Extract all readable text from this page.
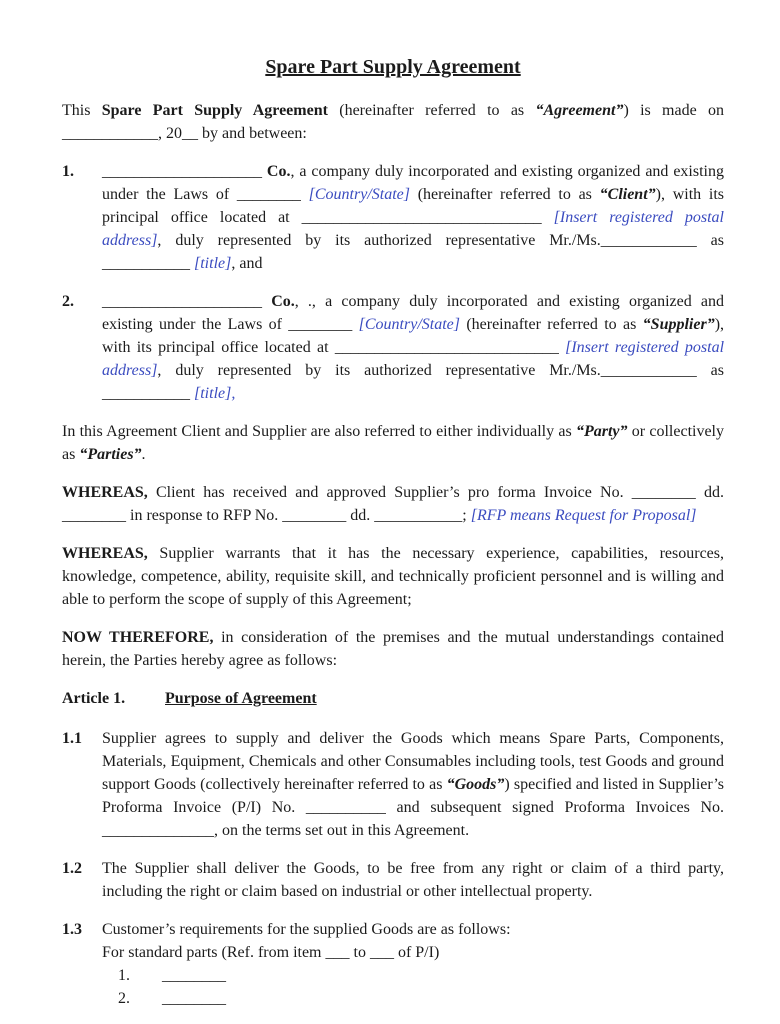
Spare Part Supply Agreement

This Spare Part Supply Agreement (hereinafter referred to as “Agreement”) is made on ____________, 20__ by and between:

1.	____________________ Co., a company duly incorporated and existing organized and existing under the Laws of ________ [Country/State] (hereinafter referred to as “Client”), with its principal office located at ______________________________ [Insert registered postal address], duly represented by its authorized representative Mr./Ms.____________ as ___________ [title], and

2.	____________________ Co., ., a company duly incorporated and existing organized and existing under the Laws of ________ [Country/State] (hereinafter referred to as “Supplier”), with its principal office located at ____________________________ [Insert registered postal address], duly represented by its authorized representative Mr./Ms.____________ as ___________ [title],

In this Agreement Client and Supplier are also referred to either individually as “Party” or collectively as “Parties”.

WHEREAS, Client has received and approved Supplier’s pro forma Invoice No. ________ dd. ________ in response to RFP No. ________ dd. ___________; [RFP means Request for Proposal]

WHEREAS, Supplier warrants that it has the necessary experience, capabilities, resources, knowledge, competence, ability, requisite skill, and technically proficient personnel and is willing and able to perform the scope of supply of this Agreement;

NOW THEREFORE, in consideration of the premises and the mutual understandings contained herein, the Parties hereby agree as follows:

Article 1.	Purpose of Agreement
1.1	Supplier agrees to supply and deliver the Goods which means Spare Parts, Components, Materials, Equipment, Chemicals and other Consumables including tools, test Goods and ground support Goods (collectively hereinafter referred to as “Goods”) specified and listed in Supplier’s Proforma Invoice (P/I) No. __________ and subsequent signed Proforma Invoices No. ______________, on the terms set out in this Agreement.

1.2	The Supplier shall deliver the Goods, to be free from any right or claim of a third party, including the right or claim based on industrial or other intellectual property.

1.3	Customer’s requirements for the supplied Goods are as follows:
For standard parts (Ref. from item ___ to ___ of P/I)
1.	________
2.	________
